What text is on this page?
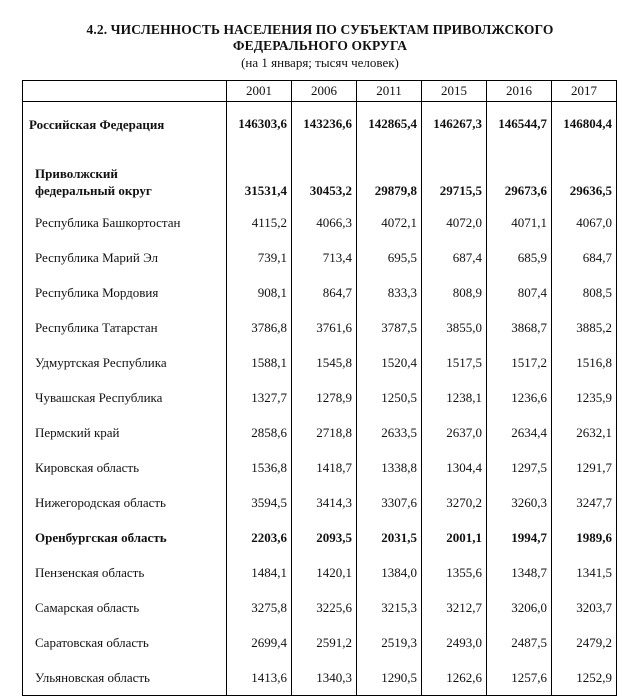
4.2. ЧИСЛЕННОСТЬ НАСЕЛЕНИЯ ПО СУБЪЕКТАМ ПРИВОЛЖСКОГО
ФЕДЕРАЛЬНОГО ОКРУГА
(на 1 января; тысяч человек)
	2001	2006	2011	2015	2016	2017
Российская Федерация	146303,6	143236,6	142865,4	146267,3	146544,7	146804,4
Приволжский
федеральный округ	31531,4	30453,2	29879,8	29715,5	29673,6	29636,5
Республика Башкортостан	4115,2	4066,3	4072,1	4072,0	4071,1	4067,0
Республика Марий Эл	739,1	713,4	695,5	687,4	685,9	684,7
Республика Мордовия	908,1	864,7	833,3	808,9	807,4	808,5
Республика Татарстан	3786,8	3761,6	3787,5	3855,0	3868,7	3885,2
Удмуртская Республика	1588,1	1545,8	1520,4	1517,5	1517,2	1516,8
Чувашская Республика	1327,7	1278,9	1250,5	1238,1	1236,6	1235,9
Пермский край	2858,6	2718,8	2633,5	2637,0	2634,4	2632,1
Кировская область	1536,8	1418,7	1338,8	1304,4	1297,5	1291,7
Нижегородская область	3594,5	3414,3	3307,6	3270,2	3260,3	3247,7
Оренбургская область	2203,6	2093,5	2031,5	2001,1	1994,7	1989,6
Пензенская область	1484,1	1420,1	1384,0	1355,6	1348,7	1341,5
Самарская область	3275,8	3225,6	3215,3	3212,7	3206,0	3203,7
Саратовская область	2699,4	2591,2	2519,3	2493,0	2487,5	2479,2
Ульяновская область	1413,6	1340,3	1290,5	1262,6	1257,6	1252,9
